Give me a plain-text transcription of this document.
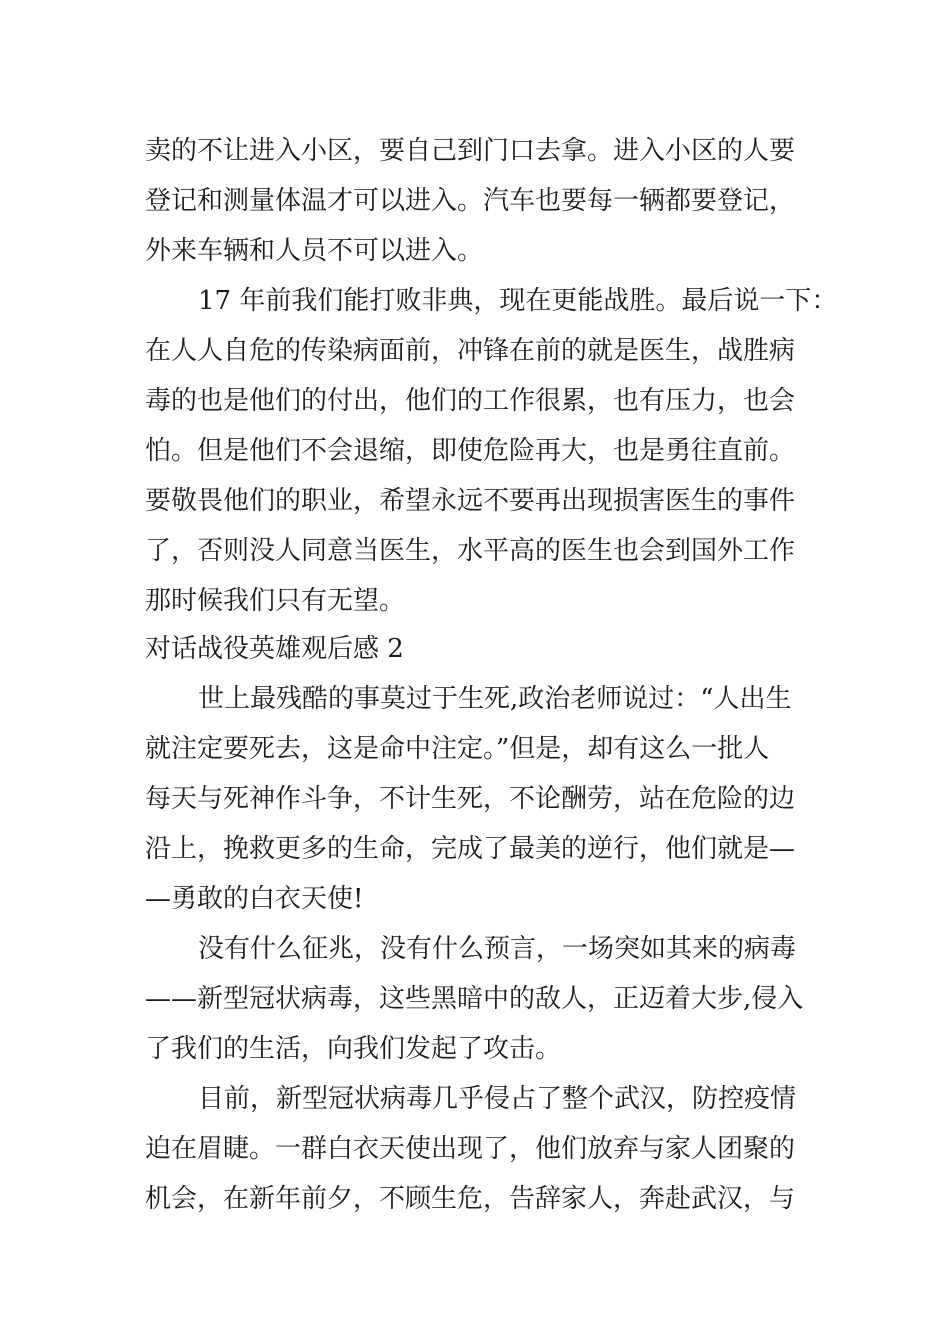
卖的不让进入小区，要自己到门口去拿。进入小区的人要
登记和测量体温才可以进入。汽车也要每一辆都要登记，
外来车辆和人员不可以进入。
17 年前我们能打败非典，现在更能战胜。最后说一下：
在人人自危的传染病面前，冲锋在前的就是医生，战胜病
毒的也是他们的付出，他们的工作很累，也有压力，也会
怕。但是他们不会退缩，即使危险再大，也是勇往直前。
要敬畏他们的职业，希望永远不要再出现损害医生的事件
了，否则没人同意当医生，水平高的医生也会到国外工作
那时候我们只有无望。
对话战役英雄观后感 2
世上最残酷的事莫过于生死,政治老师说过：“人出生
就注定要死去，这是命中注定。”但是，却有这么一批人
每天与死神作斗争，不计生死，不论酬劳，站在危险的边
沿上，挽救更多的生命，完成了最美的逆行，他们就是—
—勇敢的白衣天使!
没有什么征兆，没有什么预言，一场突如其来的病毒
——新型冠状病毒，这些黑暗中的敌人，正迈着大步,侵入
了我们的生活，向我们发起了攻击。
目前，新型冠状病毒几乎侵占了整个武汉，防控疫情
迫在眉睫。一群白衣天使出现了，他们放弃与家人团聚的
机会，在新年前夕，不顾生危，告辞家人，奔赴武汉，与
